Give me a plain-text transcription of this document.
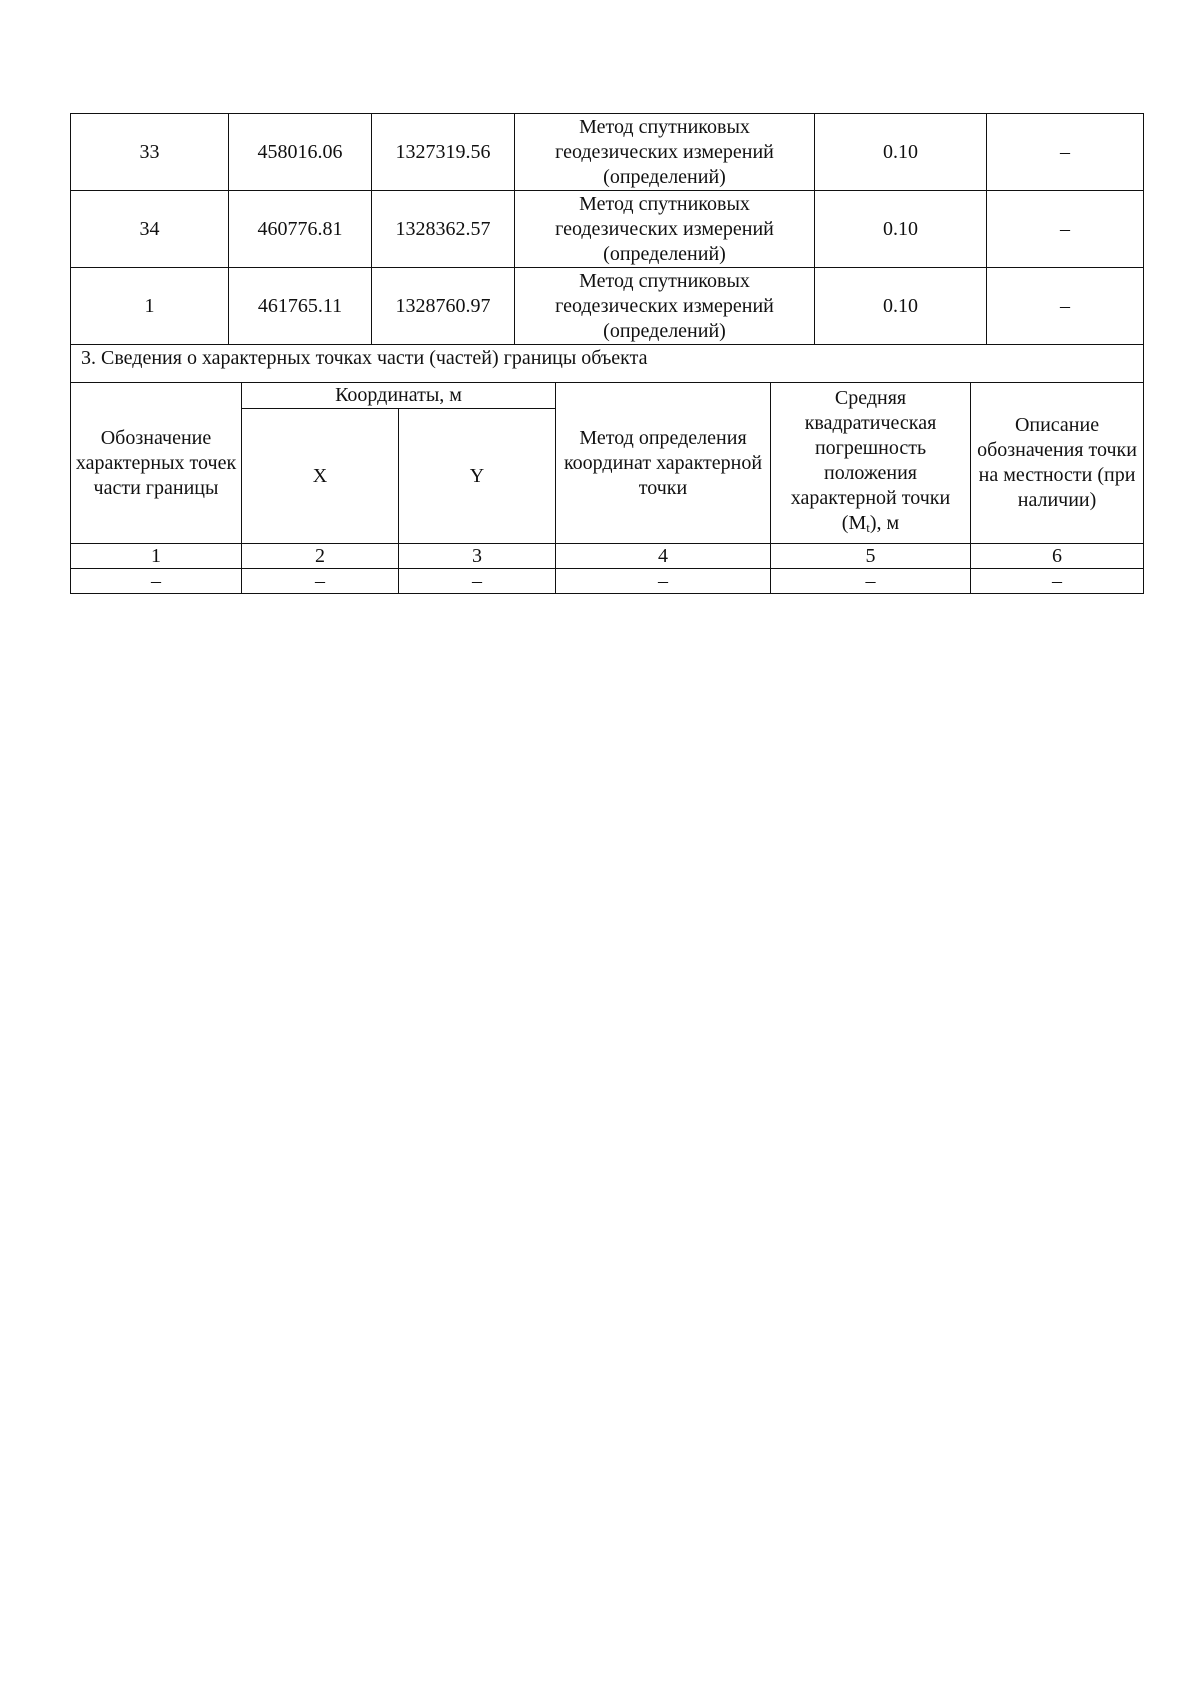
33	458016.06	1327319.56	Метод спутниковых геодезических измерений (определений)	0.10	–
34	460776.81	1328362.57	Метод спутниковых геодезических измерений (определений)	0.10	–
1	461765.11	1328760.97	Метод спутниковых геодезических измерений (определений)	0.10	–
3. Сведения о характерных точках части (частей) границы объекта					
Обозначение характерных точек части границы	Координаты, м		Метод определения координат характерной точки	Средняя квадратическая погрешность положения характерной точки $(M_t)$, м	Описание обозначения точки на местности (при наличии)
	X	Y			
1	2	3	4	5	6
–	–	–	–	–	–
